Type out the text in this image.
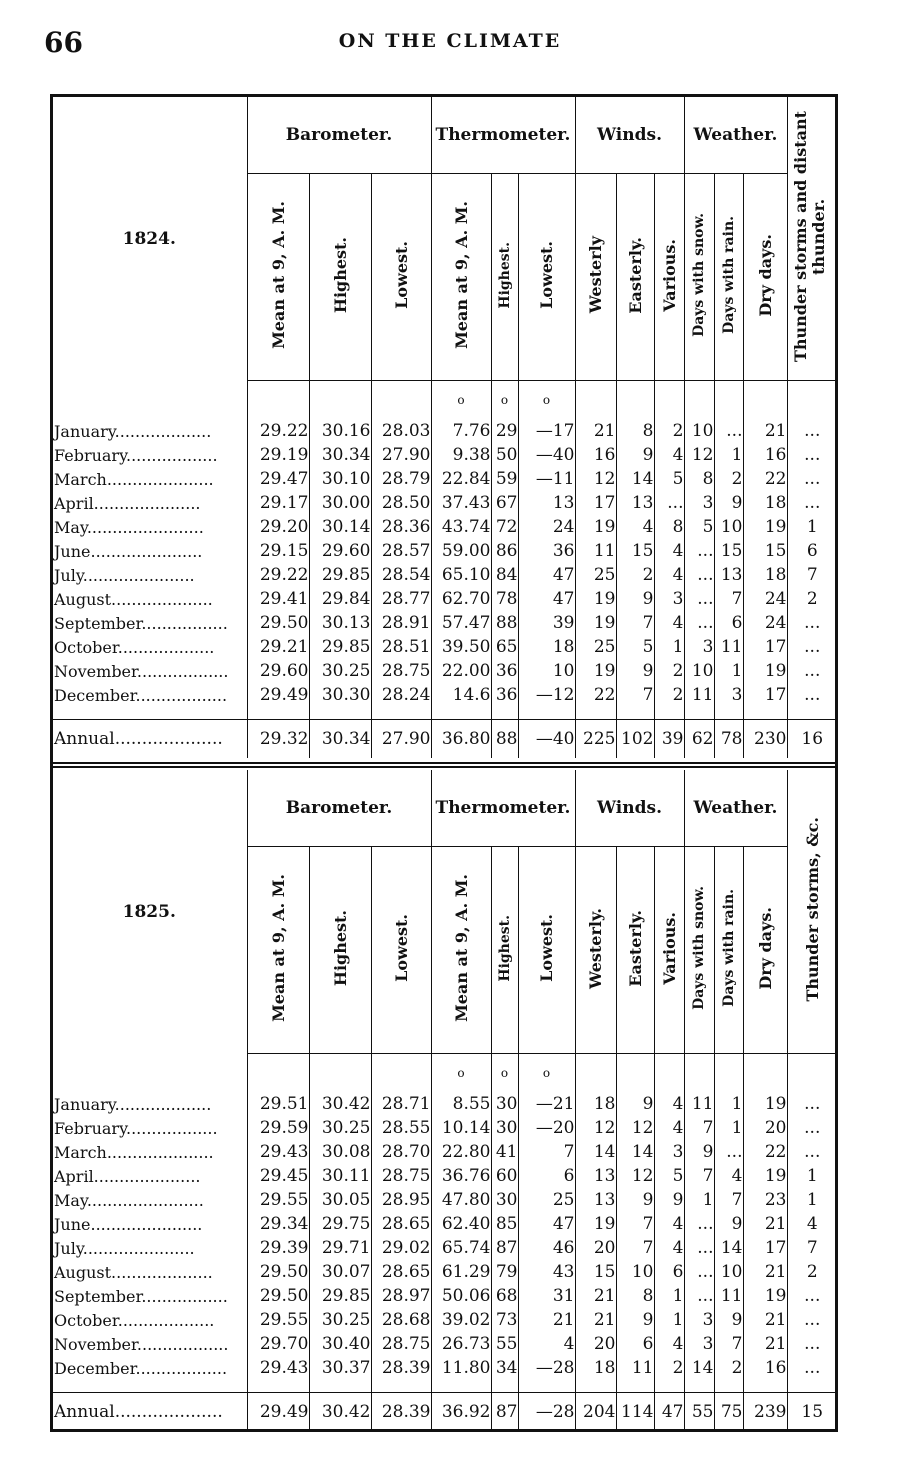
66	ON THE CLIMATE
1824.	Barometer.			Thermometer.			Winds.			Weather.			Thunder storms and distant thunder.
	Mean at 9, A. M.	Highest.	Lowest.	Mean at 9, A. M.	Highest.	Lowest.	Westerly	Easterly.	Various.	Days with snow.	Days with rain.	Dry days.	
				o	o	o							

January...................	29.22	30.16	28.03	7.76	29	—17	21	8	2	10	...	21	...
February..................	29.19	30.34	27.90	9.38	50	—40	16	9	4	12	1	16	...
March.....................	29.47	30.10	28.79	22.84	59	—11	12	14	5	8	2	22	...
April.....................	29.17	30.00	28.50	37.43	67	13	17	13	...	3	9	18	...
May.......................	29.20	30.14	28.36	43.74	72	24	19	4	8	5	10	19	1
June......................	29.15	29.60	28.57	59.00	86	36	11	15	4	...	15	15	6
July......................	29.22	29.85	28.54	65.10	84	47	25	2	4	...	13	18	7
August....................	29.41	29.84	28.77	62.70	78	47	19	9	3	...	7	24	2
September.................	29.50	30.13	28.91	57.47	88	39	19	7	4	...	6	24	...
October...................	29.21	29.85	28.51	39.50	65	18	25	5	1	3	11	17	...
November..................	29.60	30.25	28.75	22.00	36	10	19	9	2	10	1	19	...
December..................	29.49	30.30	28.24	14.6	36	—12	22	7	2	11	3	17	...

Annual....................	29.32	30.34	27.90	36.80	88	—40	225	102	39	62	78	230	16
1825.	Barometer.			Thermometer.			Winds.			Weather.			Thunder storms, &c.
	Mean at 9, A. M.	Highest.	Lowest.	Mean at 9, A. M.	Highest.	Lowest.	Westerly.	Easterly.	Various.	Days with snow.	Days with rain.	Dry days.	
				o	o	o							

January...................	29.51	30.42	28.71	8.55	30	—21	18	9	4	11	1	19	...
February..................	29.59	30.25	28.55	10.14	30	—20	12	12	4	7	1	20	...
March.....................	29.43	30.08	28.70	22.80	41	7	14	14	3	9	...	22	...
April.....................	29.45	30.11	28.75	36.76	60	6	13	12	5	7	4	19	1
May.......................	29.55	30.05	28.95	47.80	30	25	13	9	9	1	7	23	1
June......................	29.34	29.75	28.65	62.40	85	47	19	7	4	...	9	21	4
July......................	29.39	29.71	29.02	65.74	87	46	20	7	4	...	14	17	7
August....................	29.50	30.07	28.65	61.29	79	43	15	10	6	...	10	21	2
September.................	29.50	29.85	28.97	50.06	68	31	21	8	1	...	11	19	...
October...................	29.55	30.25	28.68	39.02	73	21	21	9	1	3	9	21	...
November..................	29.70	30.40	28.75	26.73	55	4	20	6	4	3	7	21	...
December..................	29.43	30.37	28.39	11.80	34	—28	18	11	2	14	2	16	...

Annual....................	29.49	30.42	28.39	36.92	87	—28	204	114	47	55	75	239	15
